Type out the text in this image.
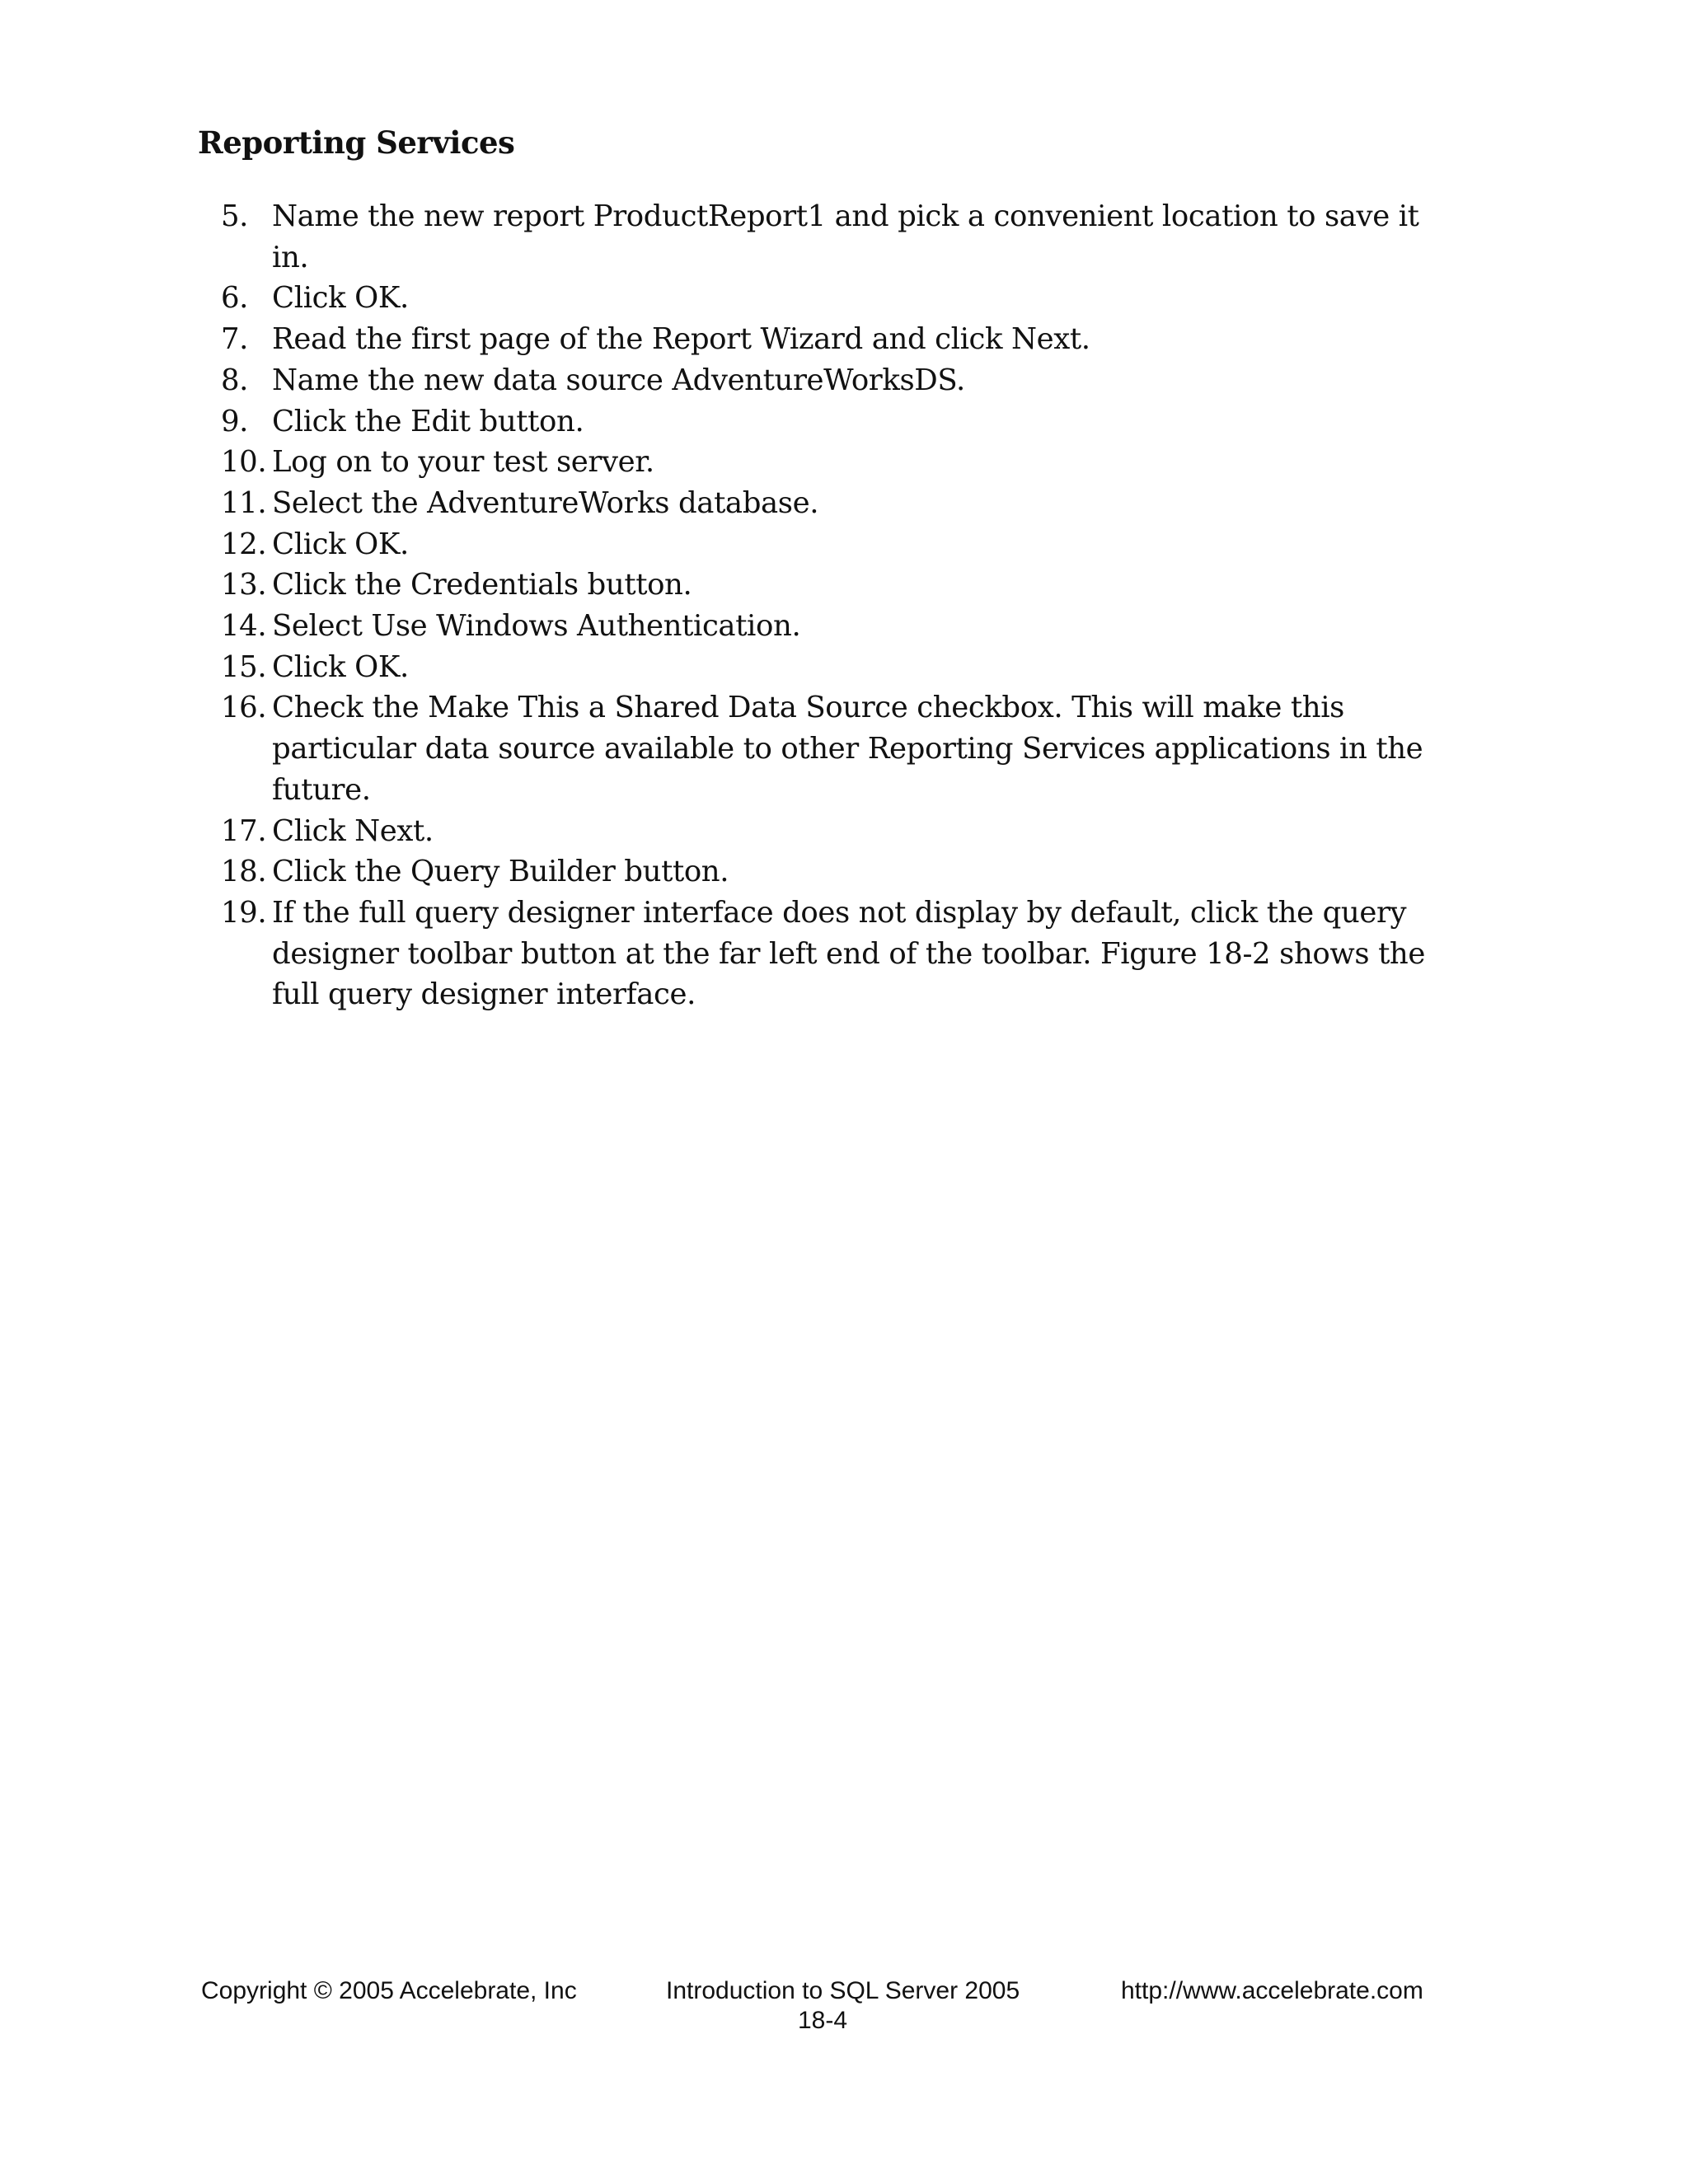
Reporting Services
5. Name the new report ProductReport1 and pick a convenient location to save it in.
6. Click OK.
7. Read the first page of the Report Wizard and click Next.
8. Name the new data source AdventureWorksDS.
9. Click the Edit button.
10. Log on to your test server.
11. Select the AdventureWorks database.
12. Click OK.
13. Click the Credentials button.
14. Select Use Windows Authentication.
15. Click OK.
16. Check the Make This a Shared Data Source checkbox. This will make this particular data source available to other Reporting Services applications in the future.
17. Click Next.
18. Click the Query Builder button.
19. If the full query designer interface does not display by default, click the query designer toolbar button at the far left end of the toolbar. Figure 18-2 shows the full query designer interface.
Copyright © 2005 Accelebrate, Inc	Introduction to SQL Server 2005	http://www.accelebrate.com
18-4
